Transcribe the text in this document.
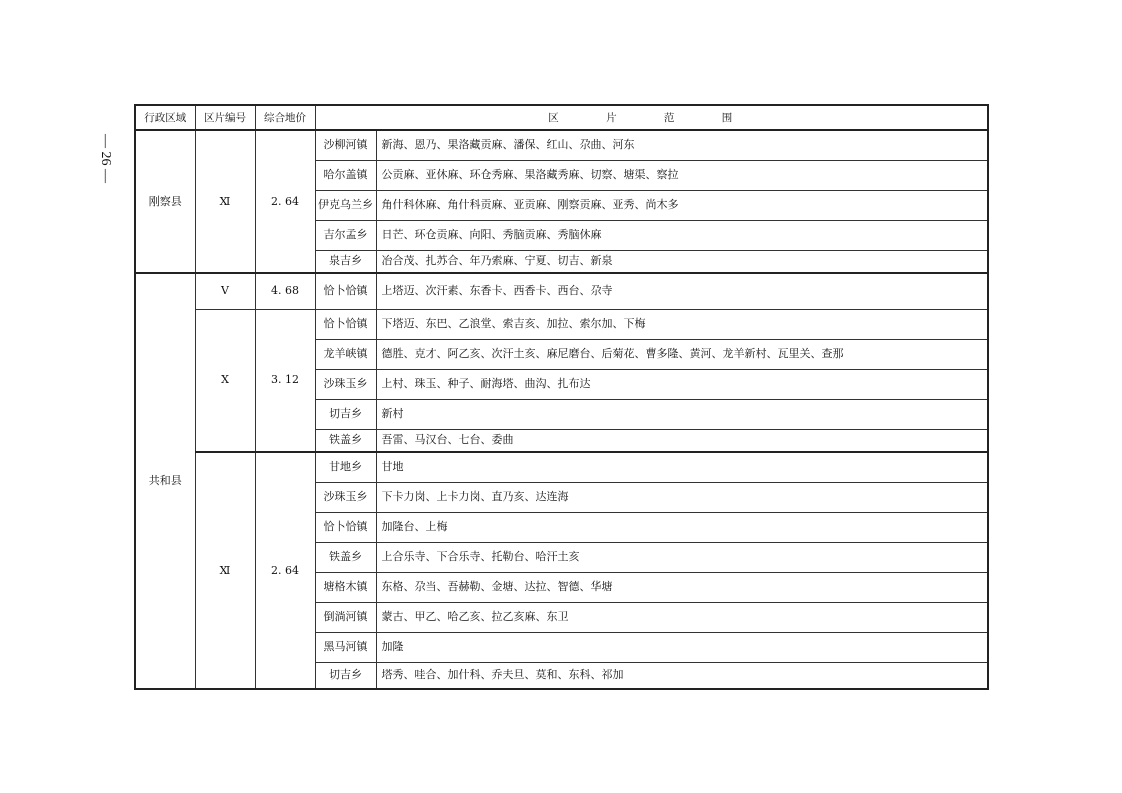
— 26 —
行政区域	区片编号	综合地价	区 片 范 围	
刚察县	Ⅺ	2. 64	沙柳河镇	新海、恩乃、果洛藏贡麻、潘保、红山、尕曲、河东
			哈尔盖镇	公贡麻、亚休麻、环仓秀麻、果洛藏秀麻、切察、塘渠、察拉
			伊克乌兰乡	角什科休麻、角什科贡麻、亚贡麻、刚察贡麻、亚秀、尚木多
			吉尔孟乡	日芒、环仓贡麻、向阳、秀脑贡麻、秀脑休麻
			泉吉乡	冶合茂、扎苏合、年乃索麻、宁夏、切吉、新泉
共和县	Ⅴ	4. 68	恰卜恰镇	上塔迈、次汗素、东香卡、西香卡、西台、尕寺
	Ⅹ	3. 12	恰卜恰镇	下塔迈、东巴、乙浪堂、索吉亥、加拉、索尔加、下梅
			龙羊峡镇	德胜、克才、阿乙亥、次汗土亥、麻尼磨台、后菊花、曹多隆、黄河、龙羊新村、瓦里关、查那
			沙珠玉乡	上村、珠玉、种子、耐海塔、曲沟、扎布达
			切吉乡	新村
			铁盖乡	吾雷、马汉台、七台、委曲
	Ⅺ	2. 64	甘地乡	甘地
			沙珠玉乡	下卡力岗、上卡力岗、直乃亥、达连海
			恰卜恰镇	加隆台、上梅
			铁盖乡	上合乐寺、下合乐寺、托勒台、哈汗土亥
			塘格木镇	东格、尕当、吾赫勒、金塘、达拉、智德、华塘
			倒淌河镇	蒙古、甲乙、哈乙亥、拉乙亥麻、东卫
			黑马河镇	加隆
			切吉乡	塔秀、哇合、加什科、乔夫旦、莫和、东科、祁加
